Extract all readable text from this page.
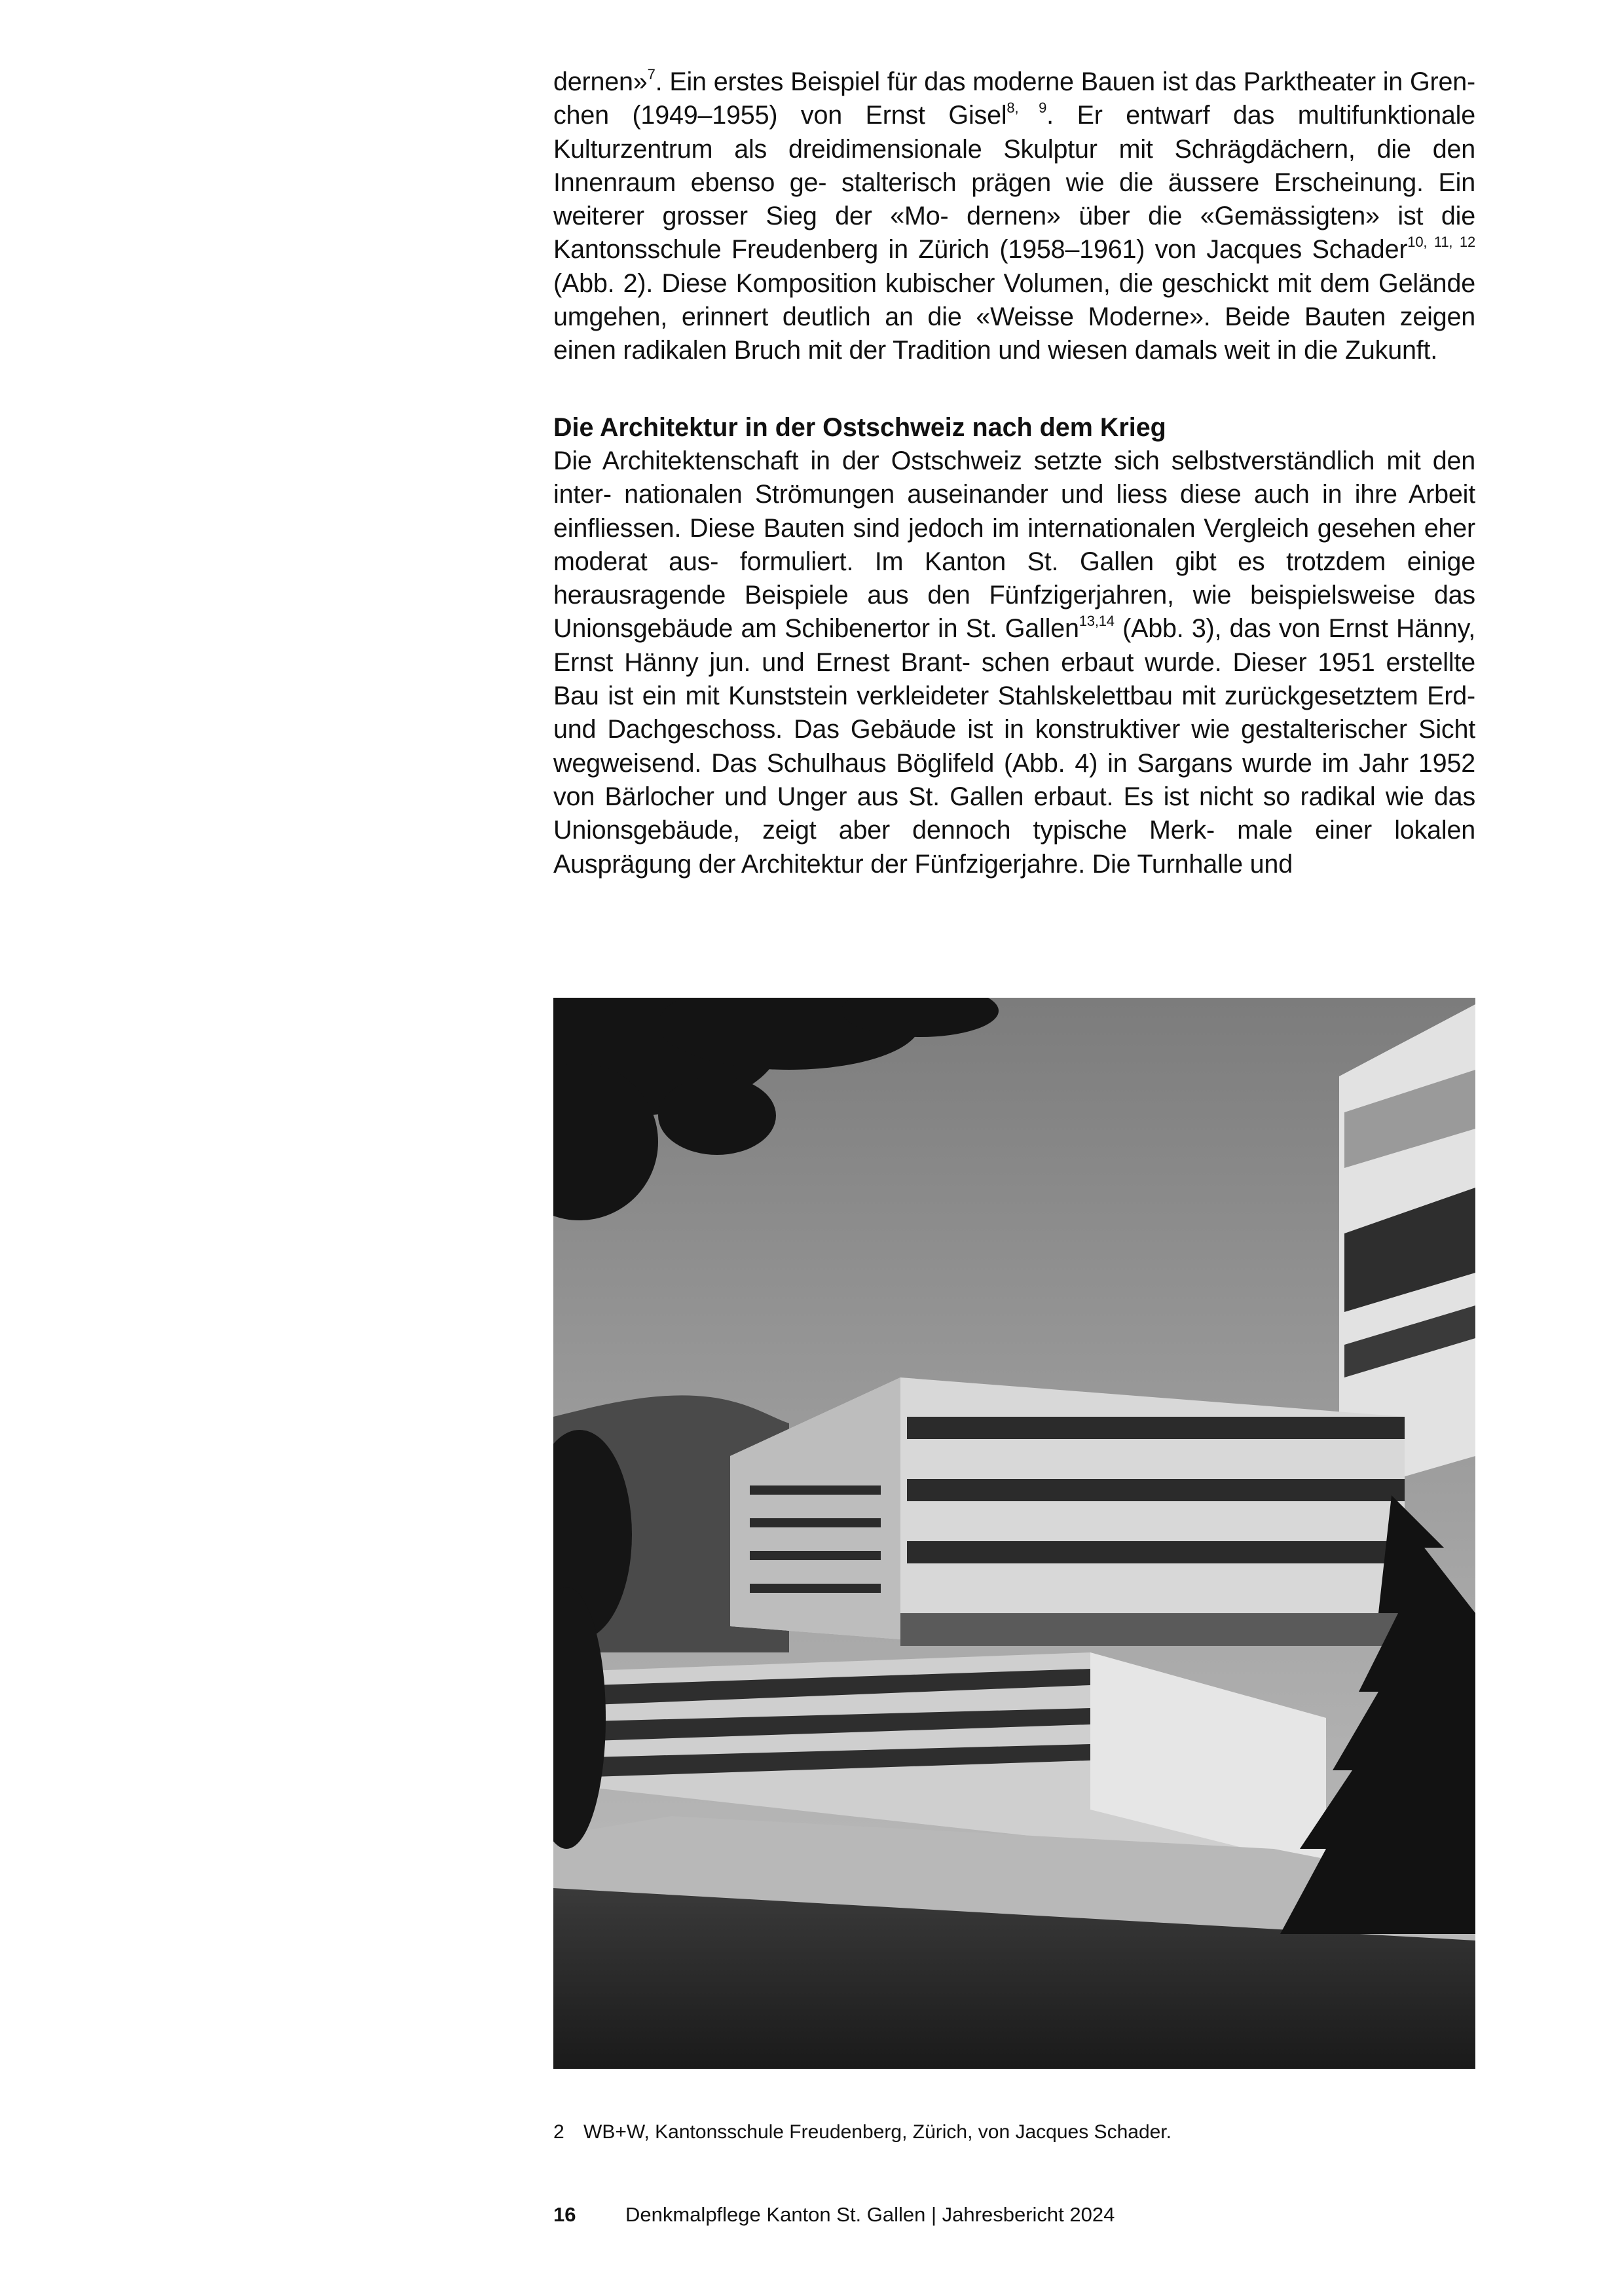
dernen»$^7$. Ein erstes Beispiel für das moderne Bauen ist das Parktheater in Gren- chen (1949–1955) von Ernst Gisel$^{8, 9}$. Er entwarf das multifunktionale Kulturzentrum als dreidimensionale Skulptur mit Schrägdächern, die den Innenraum ebenso ge- stalterisch prägen wie die äussere Erscheinung. Ein weiterer grosser Sieg der «Mo- dernen» über die «Gemässigten» ist die Kantonsschule Freudenberg in Zürich (1958–1961) von Jacques Schader$^{10, 11, 12}$ (Abb. 2). Diese Komposition kubischer Volumen, die geschickt mit dem Gelände umgehen, erinnert deutlich an die «Weisse Moderne». Beide Bauten zeigen einen radikalen Bruch mit der Tradition und wiesen damals weit in die Zukunft.

Die Architektur in der Ostschweiz nach dem Krieg

Die Architektenschaft in der Ostschweiz setzte sich selbstverständlich mit den inter- nationalen Strömungen auseinander und liess diese auch in ihre Arbeit einfliessen. Diese Bauten sind jedoch im internationalen Vergleich gesehen eher moderat aus- formuliert. Im Kanton St. Gallen gibt es trotzdem einige herausragende Beispiele aus den Fünfzigerjahren, wie beispielsweise das Unionsgebäude am Schibenertor in St. Gallen$^{13,14}$ (Abb. 3), das von Ernst Hänny, Ernst Hänny jun. und Ernest Brant- schen erbaut wurde. Dieser 1951 erstellte Bau ist ein mit Kunststein verkleideter Stahlskelettbau mit zurückgesetztem Erd- und Dachgeschoss. Das Gebäude ist in konstruktiver wie gestalterischer Sicht wegweisend. Das Schulhaus Böglifeld (Abb. 4) in Sargans wurde im Jahr 1952 von Bärlocher und Unger aus St. Gallen erbaut. Es ist nicht so radikal wie das Unionsgebäude, zeigt aber dennoch typische Merk- male einer lokalen Ausprägung der Architektur der Fünfzigerjahre. Die Turnhalle und

2 WB+W, Kantonsschule Freudenberg, Zürich, von Jacques Schader.

16 Denkmalpflege Kanton St. Gallen | Jahresbericht 2024
